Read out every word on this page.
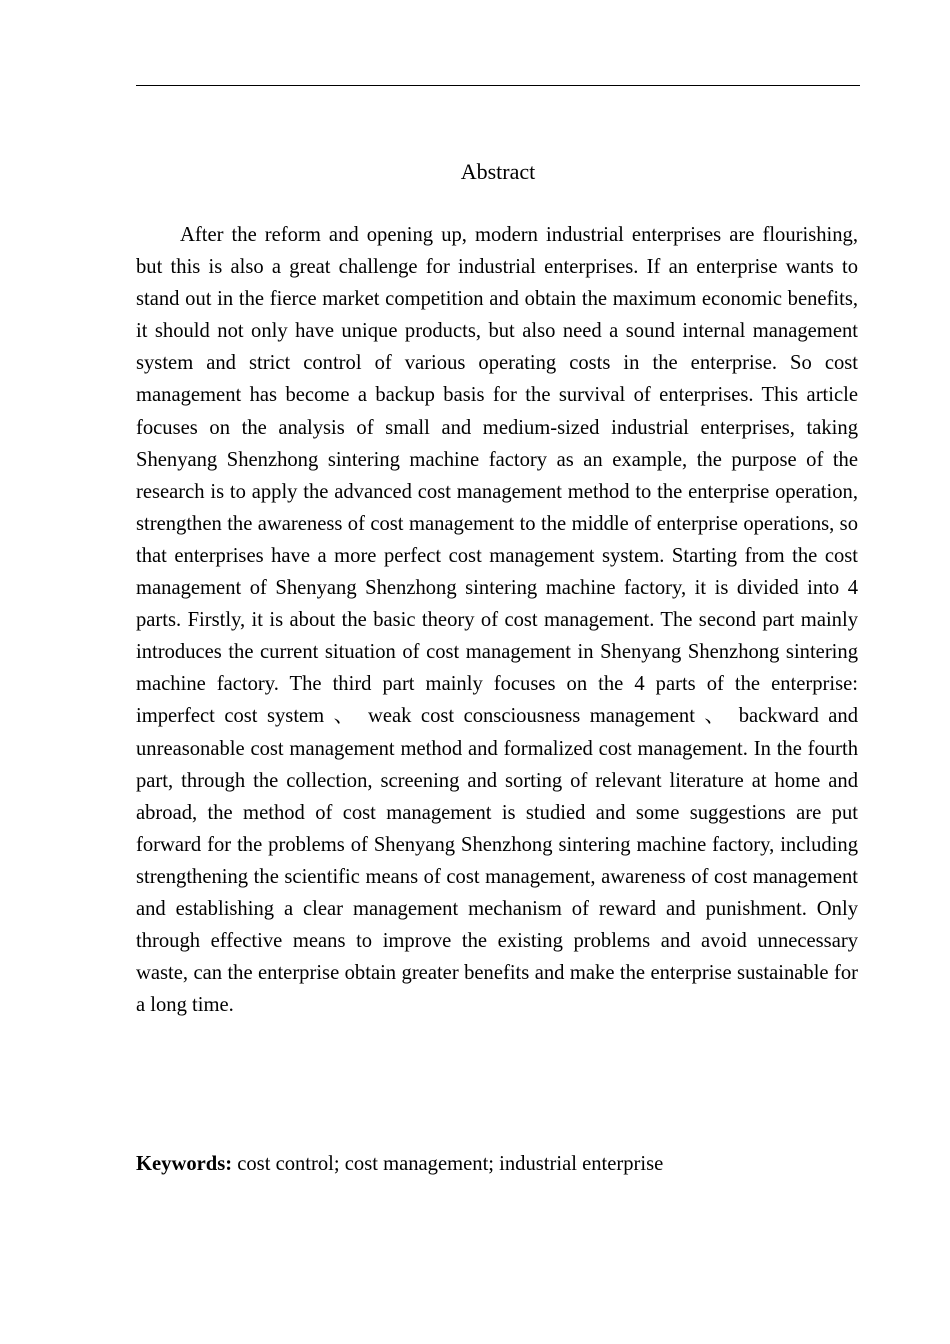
Abstract

After the reform and opening up, modern industrial enterprises are flourishing, but this is also a great challenge for industrial enterprises. If an enterprise wants to stand out in the fierce market competition and obtain the maximum economic benefits, it should not only have unique products, but also need a sound internal management system and strict control of various operating costs in the enterprise. So cost management has become a backup basis for the survival of enterprises. This article focuses on the analysis of small and medium-sized industrial enterprises, taking Shenyang Shenzhong sintering machine factory as an example, the purpose of the research is to apply the advanced cost management method to the enterprise operation, strengthen the awareness of cost management to the middle of enterprise operations, so that enterprises have a more perfect cost management system. Starting from the cost management of Shenyang Shenzhong sintering machine factory, it is divided into 4 parts. Firstly, it is about the basic theory of cost management. The second part mainly introduces the current situation of cost management in Shenyang Shenzhong sintering machine factory. The third part mainly focuses on the 4 parts of the enterprise: imperfect cost system 、 weak cost consciousness management 、 backward and unreasonable cost management method and formalized cost management. In the fourth part, through the collection, screening and sorting of relevant literature at home and abroad, the method of cost management is studied and some suggestions are put forward for the problems of Shenyang Shenzhong sintering machine factory, including strengthening the scientific means of cost management, awareness of cost management and establishing a clear management mechanism of reward and punishment. Only through effective means to improve the existing problems and avoid unnecessary waste, can the enterprise obtain greater benefits and make the enterprise sustainable for a long time.

Keywords: cost control; cost management; industrial enterprise
